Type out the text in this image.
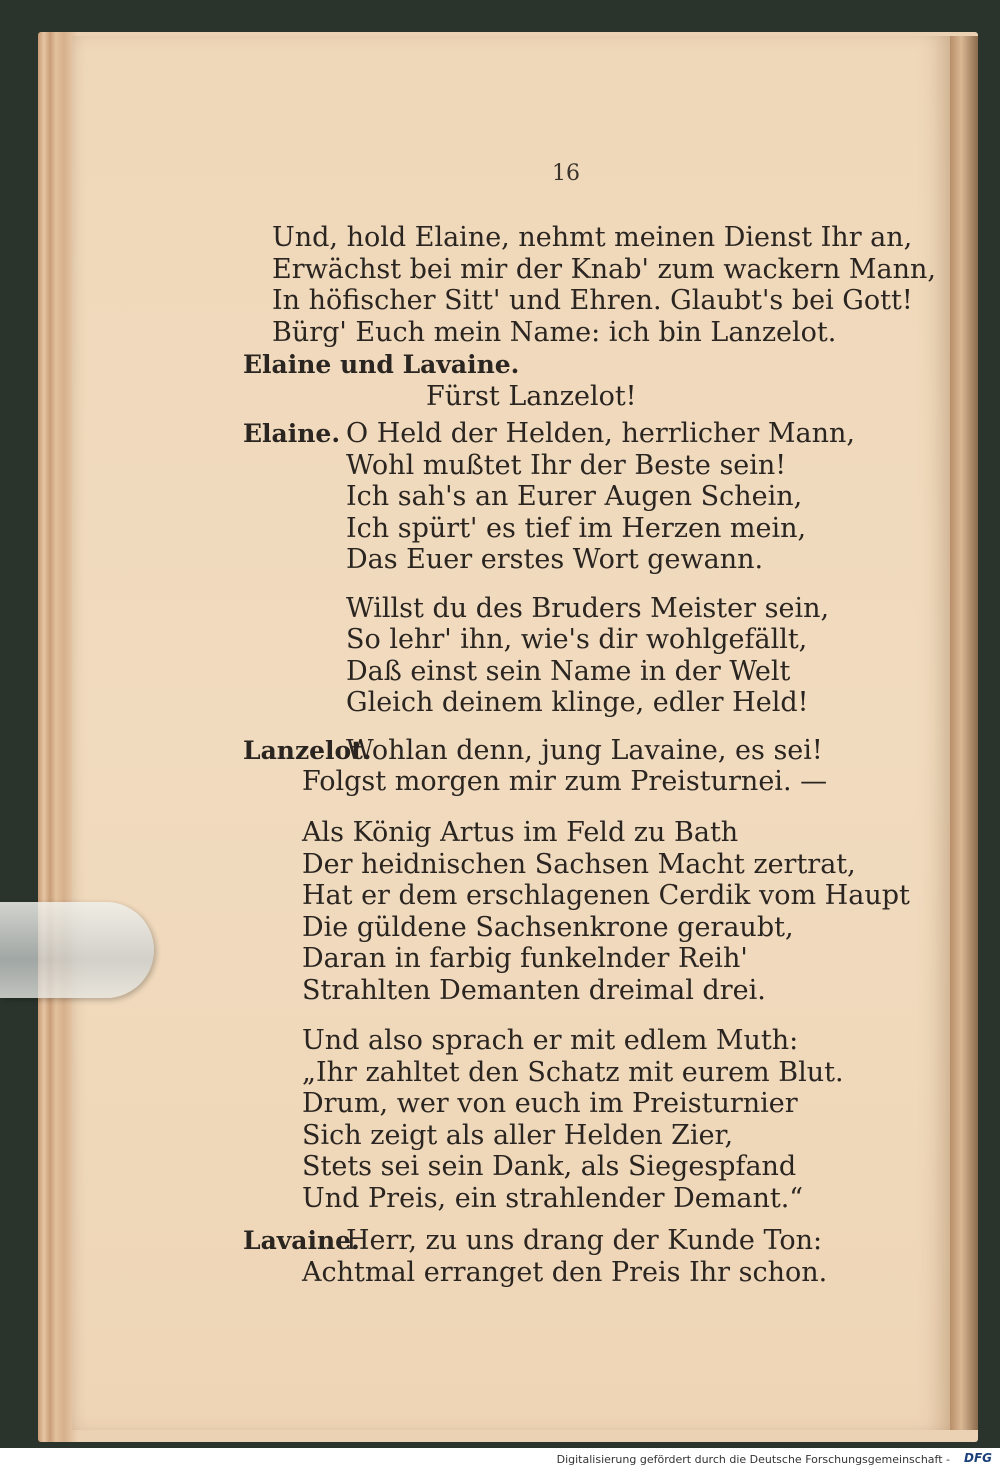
16
Und, hold Elaine, nehmt meinen Dienst Ihr an,
Erwächst bei mir der Knab' zum wackern Mann,
In höfischer Sitt' und Ehren. Glaubt's bei Gott!
Bürg' Euch mein Name: ich bin Lanzelot.
Elaine und Lavaine.
Fürst Lanzelot!
Elaine. O Held der Helden, herrlicher Mann,
Wohl mußtet Ihr der Beste sein!
Ich sah's an Eurer Augen Schein,
Ich spürt' es tief im Herzen mein,
Das Euer erstes Wort gewann.
Willst du des Bruders Meister sein,
So lehr' ihn, wie's dir wohlgefällt,
Daß einst sein Name in der Welt
Gleich deinem klinge, edler Held!
Lanzelot.
Wohlan denn, jung Lavaine, es sei!
Folgst morgen mir zum Preisturnei. —
Als König Artus im Feld zu Bath
Der heidnischen Sachsen Macht zertrat,
Hat er dem erschlagenen Cerdik vom Haupt
Die güldene Sachsenkrone geraubt,
Daran in farbig funkelnder Reih'
Strahlten Demanten dreimal drei.
Und also sprach er mit edlem Muth:
„Ihr zahltet den Schatz mit eurem Blut.
Drum, wer von euch im Preisturnier
Sich zeigt als aller Helden Zier,
Stets sei sein Dank, als Siegespfand
Und Preis, ein strahlender Demant.“
Lavaine.
Herr, zu uns drang der Kunde Ton:
Achtmal erranget den Preis Ihr schon.
Digitalisierung gefördert durch die Deutsche Forschungsgemeinschaft - DFG
